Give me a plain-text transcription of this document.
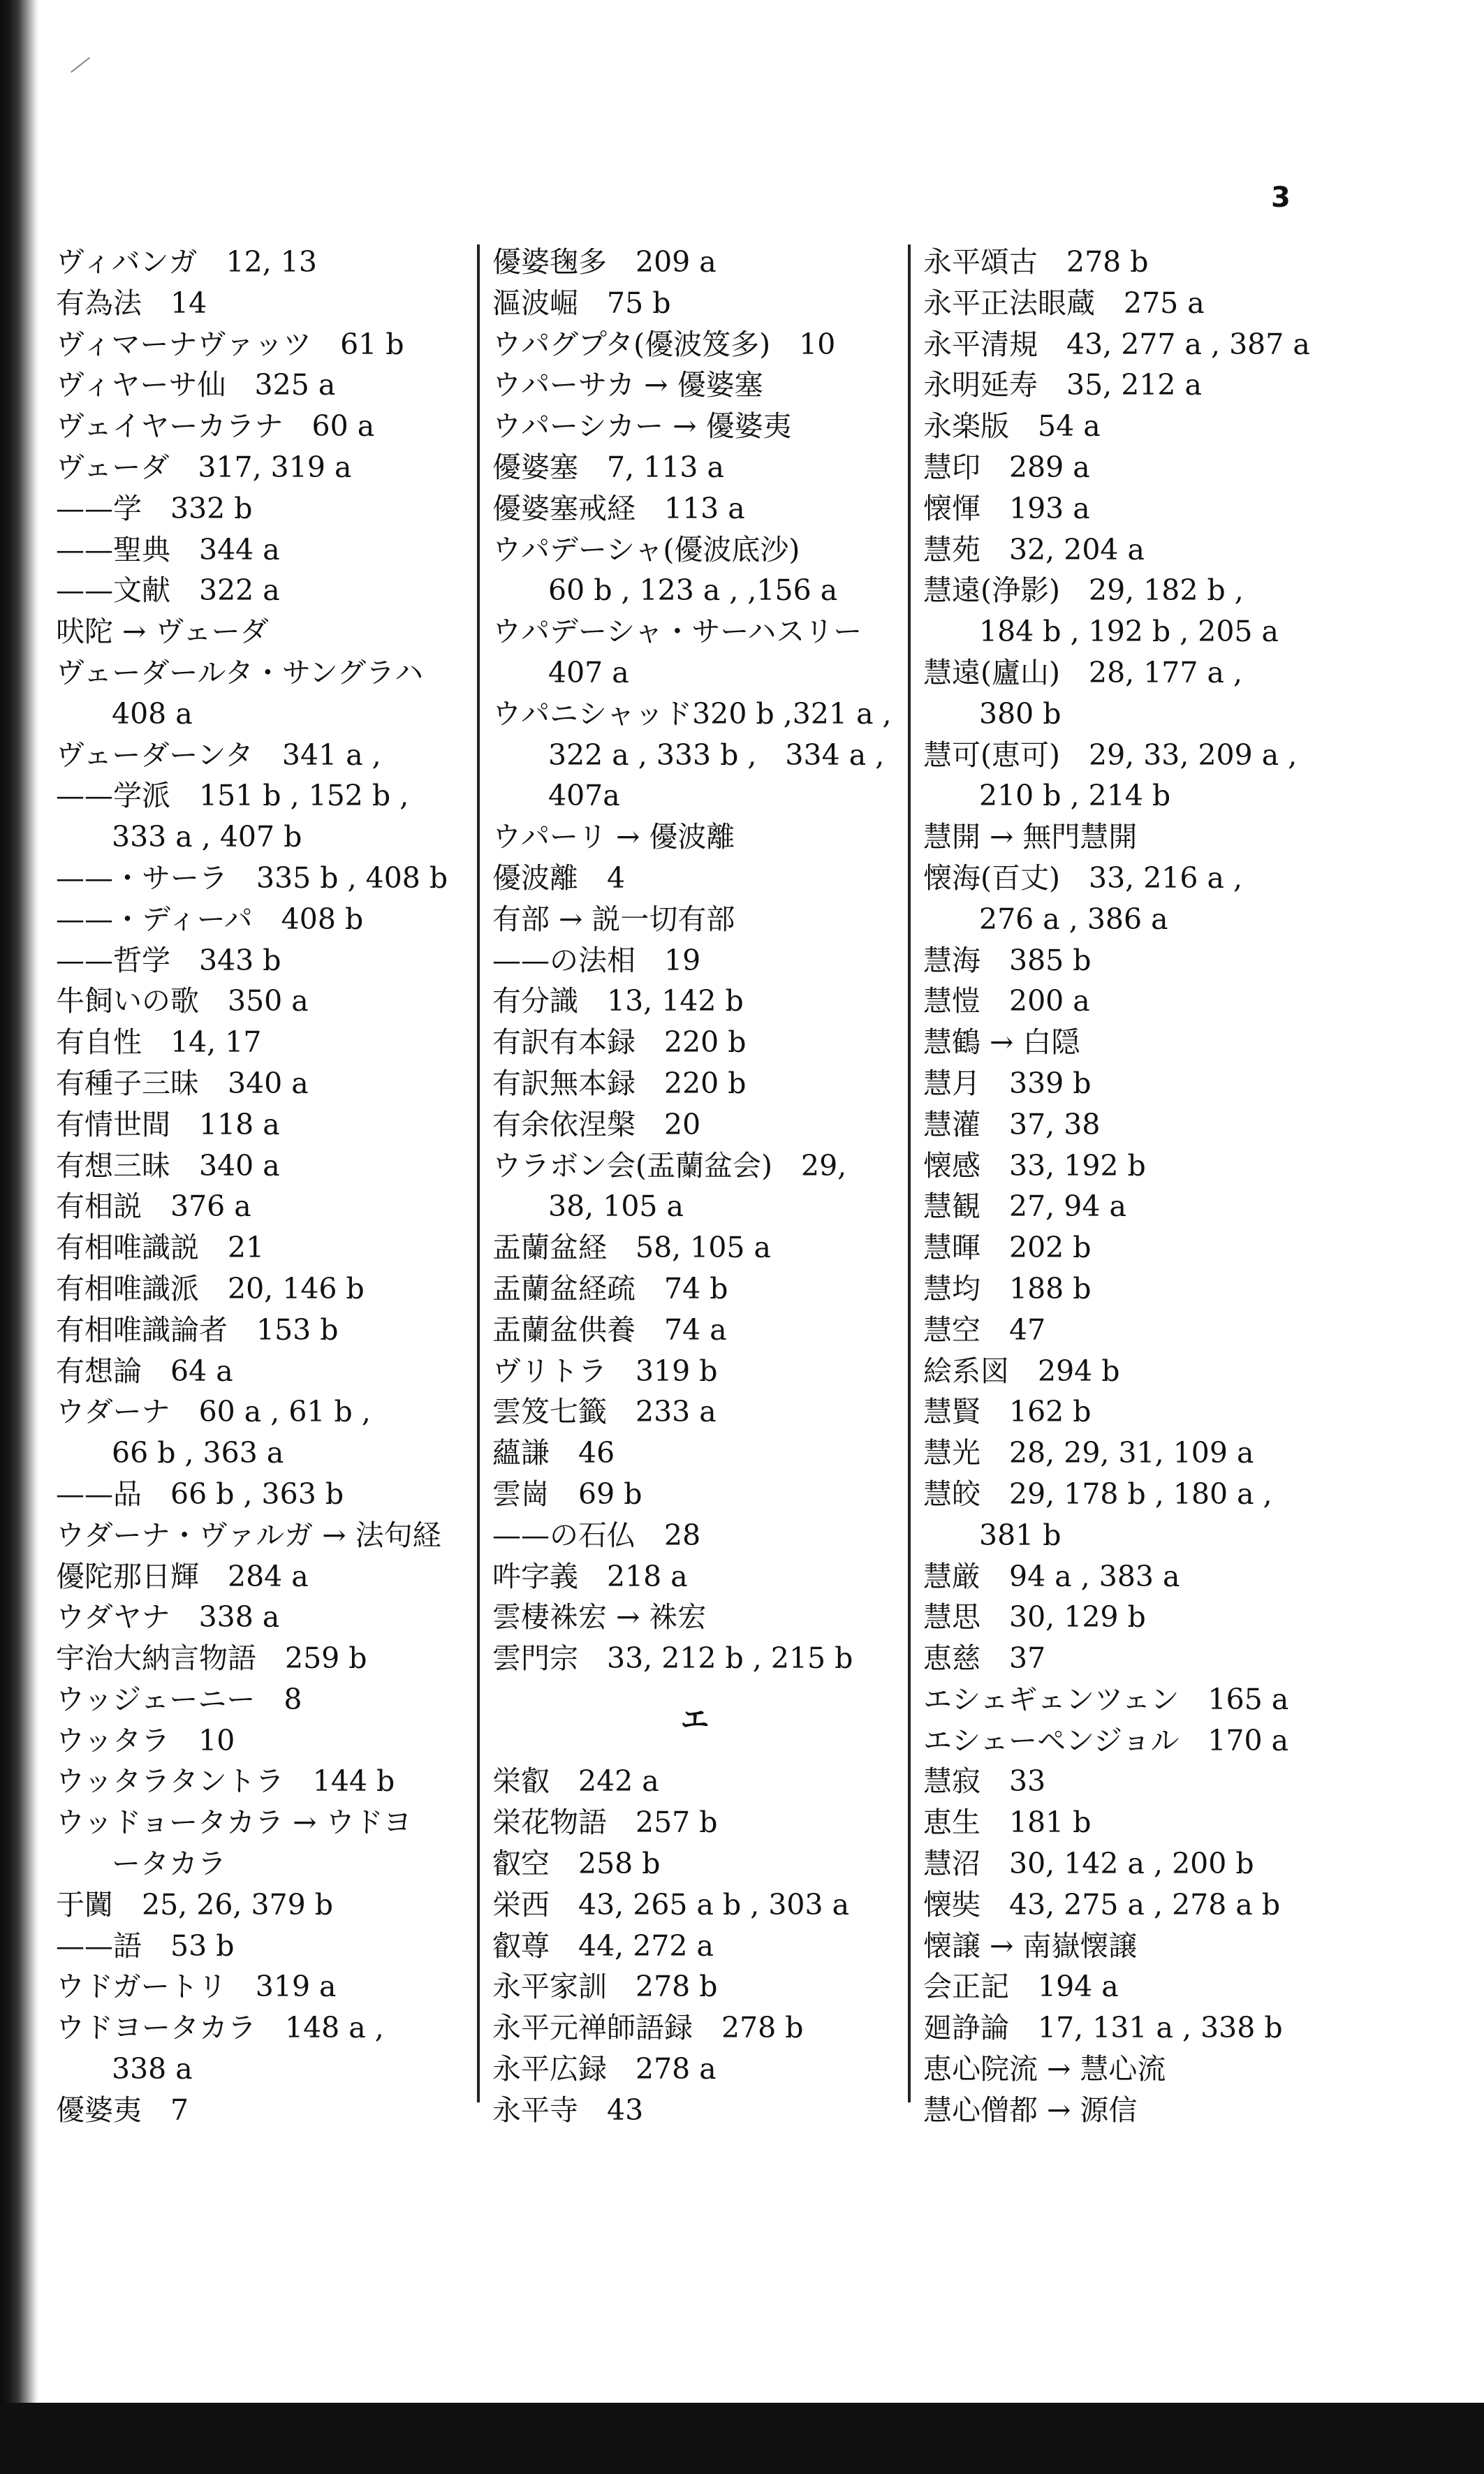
3
ヴィバンガ　12, 13
有為法　14
ヴィマーナヴァッツ　61 b
ヴィヤーサ仙　325 a
ヴェイヤーカラナ　60 a
ヴェーダ　317, 319 a
——学　332 b
——聖典　344 a
——文献　322 a
吠陀 → ヴェーダ
ヴェーダールタ・サングラハ
408 a
ヴェーダーンタ　341 a ,
——学派　151 b , 152 b ,
333 a , 407 b
——・サーラ　335 b , 408 b
——・ディーパ　408 b
——哲学　343 b
牛飼いの歌　350 a
有自性　14, 17
有種子三昧　340 a
有情世間　118 a
有想三昧　340 a
有相説　376 a
有相唯識説　21
有相唯識派　20, 146 b
有相唯識論者　153 b
有想論　64 a
ウダーナ　60 a , 61 b ,
66 b , 363 a
——品　66 b , 363 b
ウダーナ・ヴァルガ → 法句経
優陀那日輝　284 a
ウダヤナ　338 a
宇治大納言物語　259 b
ウッジェーニー　8
ウッタラ　10
ウッタラタントラ　144 b
ウッドョータカラ → ウドヨ
ータカラ
于闐　25, 26, 379 b
——語　53 b
ウドガートリ　319 a
ウドヨータカラ　148 a ,
338 a
優婆夷　7
優婆毱多　209 a
漚波崛　75 b
ウパグプタ(優波笈多)　10
ウパーサカ → 優婆塞
ウパーシカー → 優婆夷
優婆塞　7, 113 a
優婆塞戒経　113 a
ウパデーシャ(優波底沙)
60 b , 123 a , ,156 a
ウパデーシャ・サーハスリー
407 a
ウパニシャッド320 b ,321 a ,
322 a , 333 b ,　334 a ,
407a
ウパーリ → 優波離
優波離　4
有部 → 説一切有部
——の法相　19
有分識　13, 142 b
有訳有本録　220 b
有訳無本録　220 b
有余依涅槃　20
ウラボン会(盂蘭盆会)　29,
38, 105 a
盂蘭盆経　58, 105 a
盂蘭盆経疏　74 b
盂蘭盆供養　74 a
ヴリトラ　319 b
雲笈七籤　233 a
蘊謙　46
雲崗　69 b
——の石仏　28
吽字義　218 a
雲棲袾宏 → 袾宏
雲門宗　33, 212 b , 215 b
エ
栄叡　242 a
栄花物語　257 b
叡空　258 b
栄西　43, 265 a b , 303 a
叡尊　44, 272 a
永平家訓　278 b
永平元禅師語録　278 b
永平広録　278 a
永平寺　43
永平頌古　278 b
永平正法眼蔵　275 a
永平清規　43, 277 a , 387 a
永明延寿　35, 212 a
永楽版　54 a
慧印　289 a
懐惲　193 a
慧苑　32, 204 a
慧遠(浄影)　29, 182 b ,
184 b , 192 b , 205 a
慧遠(廬山)　28, 177 a ,
380 b
慧可(恵可)　29, 33, 209 a ,
210 b , 214 b
慧開 → 無門慧開
懐海(百丈)　33, 216 a ,
276 a , 386 a
慧海　385 b
慧愷　200 a
慧鶴 → 白隠
慧月　339 b
慧灌　37, 38
懐感　33, 192 b
慧観　27, 94 a
慧暉　202 b
慧均　188 b
慧空　47
絵系図　294 b
慧賢　162 b
慧光　28, 29, 31, 109 a
慧皎　29, 178 b , 180 a ,
381 b
慧厳　94 a , 383 a
慧思　30, 129 b
恵慈　37
エシェギェンツェン　165 a
エシェーペンジョル　170 a
慧寂　33
恵生　181 b
慧沼　30, 142 a , 200 b
懐奘　43, 275 a , 278 a b
懐譲 → 南嶽懐譲
会正記　194 a
廻諍論　17, 131 a , 338 b
恵心院流 → 慧心流
慧心僧都 → 源信
